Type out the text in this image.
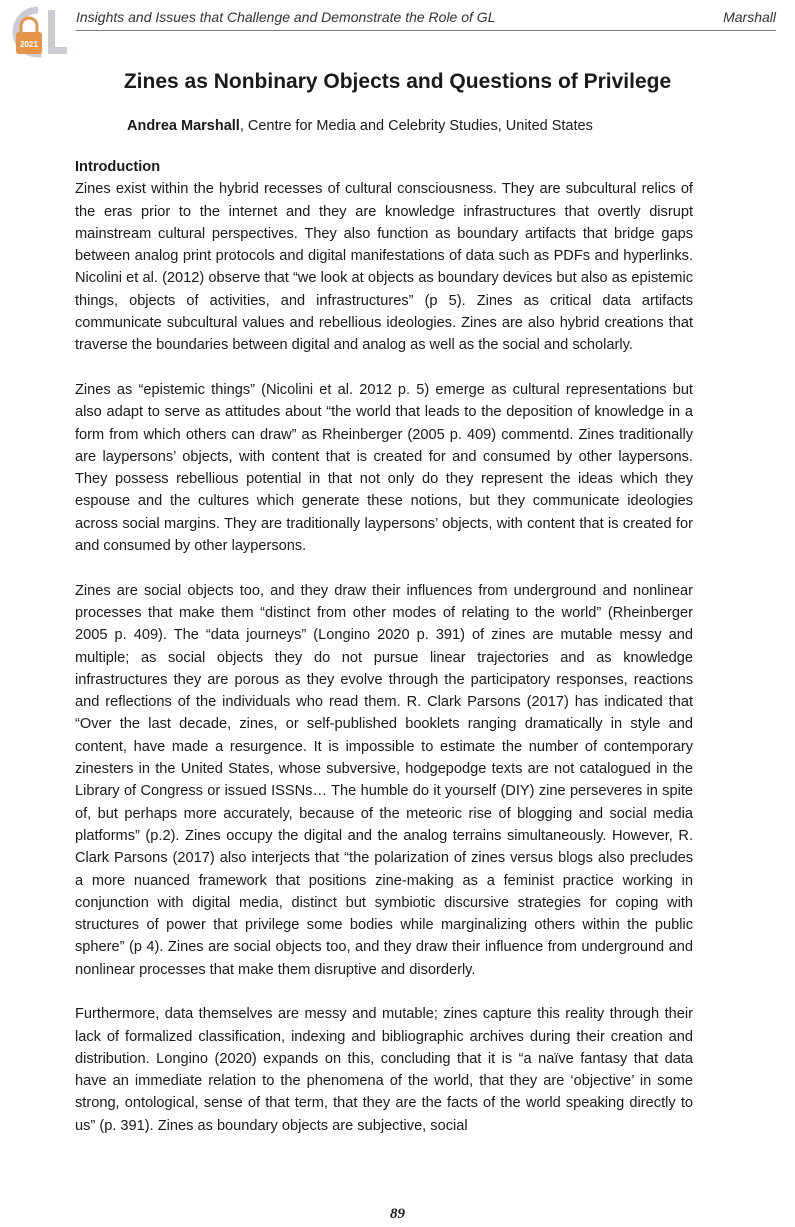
2021
Insights and Issues that Challenge and Demonstrate the Role of GL	Marshall
Zines as Nonbinary Objects and Questions of Privilege
Andrea Marshall, Centre for Media and Celebrity Studies, United States

Introduction

Zines exist within the hybrid recesses of cultural consciousness. They are subcultural relics of the eras prior to the internet and they are knowledge infrastructures that overtly disrupt mainstream cultural perspectives. They also function as boundary artifacts that bridge gaps between analog print protocols and digital manifestations of data such as PDFs and hyperlinks. Nicolini et al. (2012) observe that “we look at objects as boundary devices but also as epistemic things, objects of activities, and infrastructures” (p 5). Zines as critical data artifacts communicate subcultural values and rebellious ideologies. Zines are also hybrid creations that traverse the boundaries between digital and analog as well as the social and scholarly.

Zines as “epistemic things” (Nicolini et al. 2012 p. 5) emerge as cultural representations but also adapt to serve as attitudes about “the world that leads to the deposition of knowledge in a form from which others can draw” as Rheinberger (2005 p. 409) commentd. Zines traditionally are laypersons’ objects, with content that is created for and consumed by other laypersons. They possess rebellious potential in that not only do they represent the ideas which they espouse and the cultures which generate these notions, but they communicate ideologies across social margins. They are traditionally laypersons’ objects, with content that is created for and consumed by other laypersons.

Zines are social objects too, and they draw their influences from underground and nonlinear processes that make them “distinct from other modes of relating to the world” (Rheinberger 2005 p. 409). The “data journeys” (Longino 2020 p. 391) of zines are mutable messy and multiple; as social objects they do not pursue linear trajectories and as knowledge infrastructures they are porous as they evolve through the participatory responses, reactions and reflections of the individuals who read them. R. Clark Parsons (2017) has indicated that “Over the last decade, zines, or self-published booklets ranging dramatically in style and content, have made a resurgence. It is impossible to estimate the number of contemporary zinesters in the United States, whose subversive, hodgepodge texts are not catalogued in the Library of Congress or issued ISSNs… The humble do it yourself (DIY) zine perseveres in spite of, but perhaps more accurately, because of the meteoric rise of blogging and social media platforms” (p.2). Zines occupy the digital and the analog terrains simultaneously. However, R. Clark Parsons (2017) also interjects that “the polarization of zines versus blogs also precludes a more nuanced framework that positions zine-making as a feminist practice working in conjunction with digital media, distinct but symbiotic discursive strategies for coping with structures of power that privilege some bodies while marginalizing others within the public sphere” (p 4). Zines are social objects too, and they draw their influence from underground and nonlinear processes that make them disruptive and disorderly.

Furthermore, data themselves are messy and mutable; zines capture this reality through their lack of formalized classification, indexing and bibliographic archives during their creation and distribution. Longino (2020) expands on this, concluding that it is “a naïve fantasy that data have an immediate relation to the phenomena of the world, that they are ‘objective’ in some strong, ontological, sense of that term, that they are the facts of the world speaking directly to us” (p. 391). Zines as boundary objects are subjective, social

89
